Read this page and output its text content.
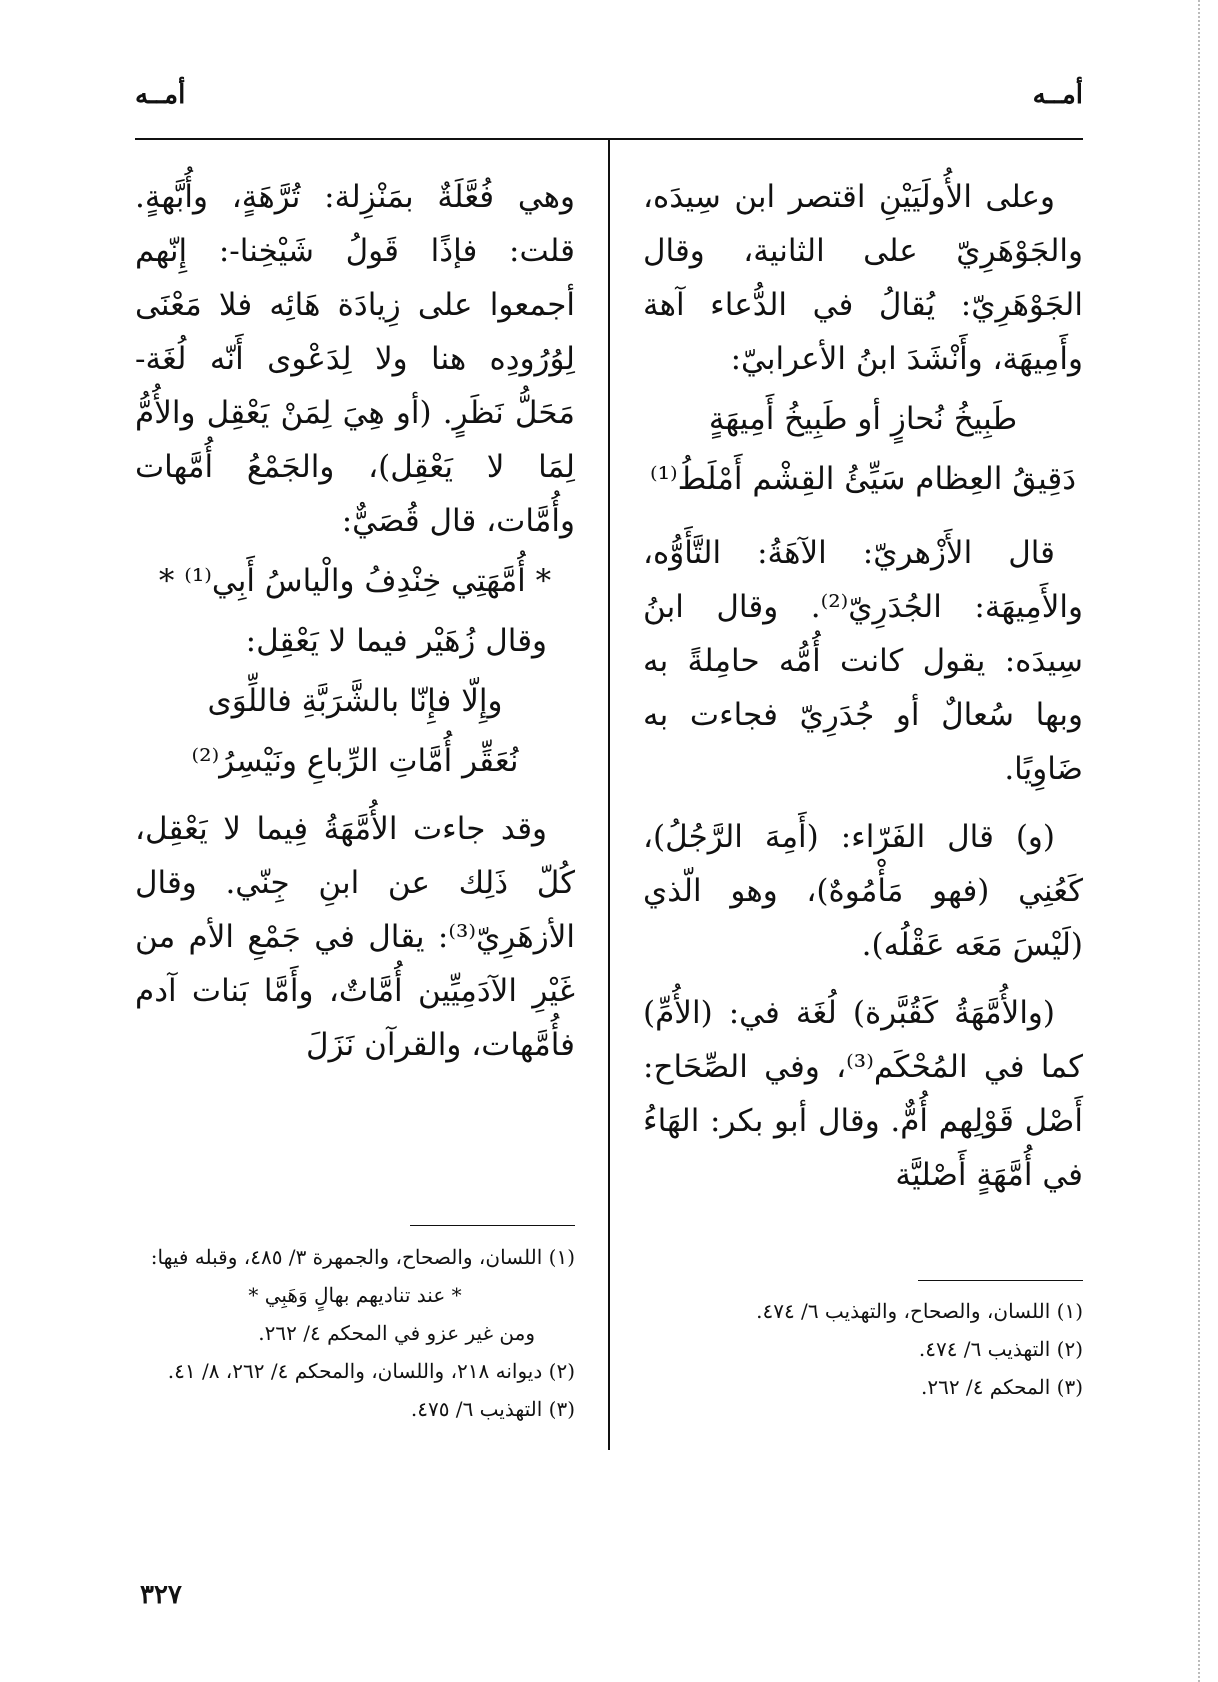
أمــه
أمــه

وعلى الأُولَيَيْنِ اقتصر ابن سِيدَه، والجَوْهَرِيّ على الثانية، وقال الجَوْهَرِيّ: يُقالُ في الدُّعاء آهة وأَمِيهَة، وأَنْشَدَ ابنُ الأعرابيّ:

طَبِيخُ نُحازٍ أو طَبِيخُ أَمِيهَةٍ
دَقِيقُ العِظام سَيِّئُ القِشْم أَمْلَطُ⁽¹⁾

قال الأَزْهريّ: الآهَةُ: التَّأَوُّه، والأَمِيهَة: الجُدَرِيّ⁽²⁾. وقال ابنُ سِيدَه: يقول كانت أُمُّه حامِلةً به وبها سُعالٌ أو جُدَرِيّ فجاءت به ضَاوِيًا.

(و) قال الفَرّاء: (أَمِهَ الرَّجُلُ)، كَعُنِي (فهو مَأْمُوهٌ)، وهو الّذي (لَيْسَ مَعَه عَقْلُه).

(والأُمَّهَةُ كَقُبَّرة) لُغَة في: (الأُمِّ) كما في المُحْكَم⁽³⁾، وفي الصِّحَاح: أَصْل قَوْلِهم أُمٌّ. وقال أبو بكر: الهَاءُ في أُمَّهَةٍ أَصْليَّة

وهي فُعَّلَةٌ بمَنْزِلة: تُرَّهَةٍ، وأُبَّهةٍ. قلت: فإذًا قَولُ شَيْخِنا-: إِنّهم أجمعوا على زِيادَة هَائِه فلا مَعْنَى لِوُرُودِه هنا ولا لِدَعْوى أَنّه لُغَة- مَحَلُّ نَظَرٍ. (أو هِيَ لِمَنْ يَعْقِل والأُمُّ لِمَا لا يَعْقِل)، والجَمْعُ أُمَّهات وأُمَّات، قال قُصَيٌّ:

* أُمَّهَتِي خِنْدِفُ والْياسُ أَبِي⁽¹⁾ *

وقال زُهَيْر فيما لا يَعْقِل:

وإِلّا فإِنّا بالشَّرَبَّةِ فاللِّوَى
نُعَقِّر أُمَّاتِ الرِّباعِ ونَيْسِرُ⁽²⁾

وقد جاءت الأُمَّهَةُ فِيما لا يَعْقِل، كُلّ ذَلِك عن ابنِ جِنّي. وقال الأزهَرِيّ⁽³⁾: يقال في جَمْعِ الأم من غَيْرِ الآدَمِيِّين أُمَّاتٌ، وأَمَّا بَنات آدم فأُمَّهات، والقرآن نَزَلَ

(١) اللسان، والصحاح، والتهذيب ٦/ ٤٧٤.

(٢) التهذيب ٦/ ٤٧٤.

(٣) المحكم ٤/ ٢٦٢.

(١) اللسان، والصحاح، والجمهرة ٣/ ٤٨٥، وقبله فيها:

* عند تناديهم بهالٍ وَهَبِي *

ومن غير عزو في المحكم ٤/ ٢٦٢.

(٢) ديوانه ٢١٨، واللسان، والمحكم ٤/ ٢٦٢، ٨/ ٤١.

(٣) التهذيب ٦/ ٤٧٥.

٣٢٧
